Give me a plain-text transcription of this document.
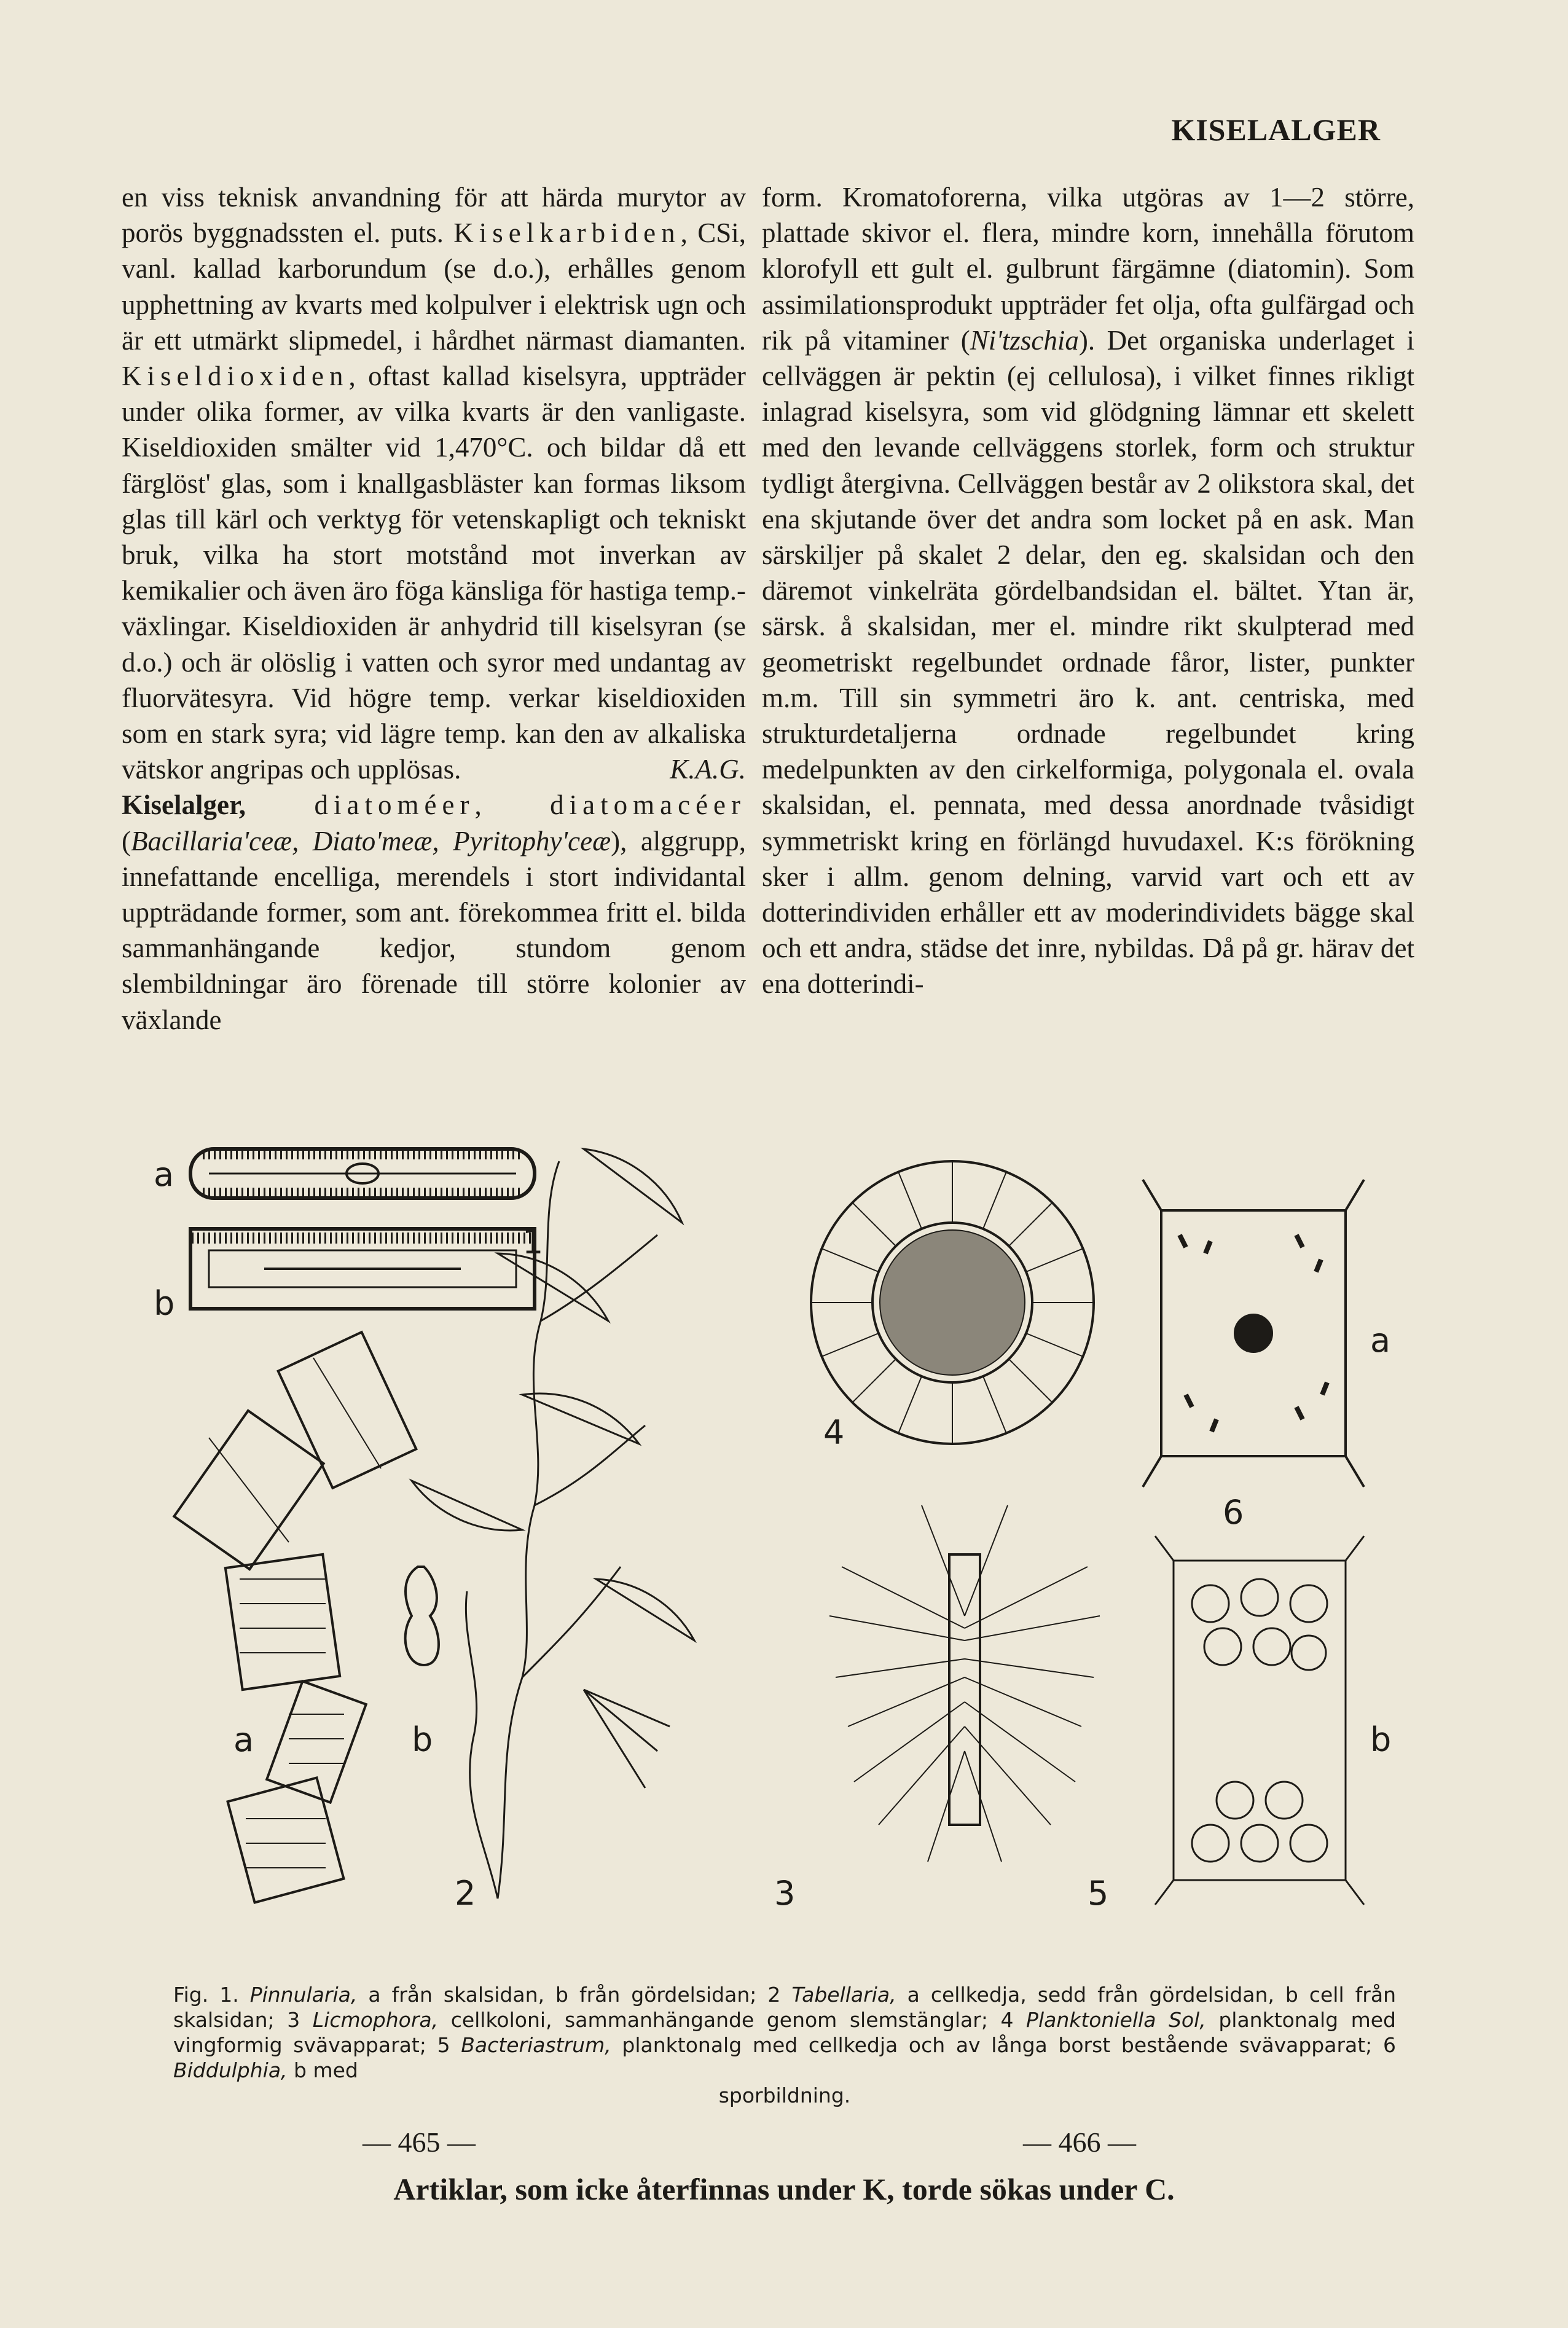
KISELALGER

en viss teknisk anvandning för att härda murytor av porös byggnadssten el. puts. Kiselkarbiden, CSi, vanl. kallad karborundum (se d.o.), erhålles genom upphettning av kvarts med kolpulver i elektrisk ugn och är ett utmärkt slipmedel, i hårdhet närmast diamanten. Kiseldioxiden, oftast kallad kiselsyra, uppträder under olika former, av vilka kvarts är den vanligaste. Kiseldioxiden smälter vid 1,470°C. och bildar då ett färglöst' glas, som i knallgasbläster kan formas liksom glas till kärl och verktyg för vetenskapligt och tekniskt bruk, vilka ha stort motstånd mot inverkan av kemikalier och även äro föga känsliga för hastiga temp.-växlingar. Kiseldioxiden är anhydrid till kiselsyran (se d.o.) och är olöslig i vatten och syror med undantag av fluorvätesyra. Vid högre temp. verkar kiseldioxiden som en stark syra; vid lägre temp. kan den av alkaliska vätskor angripas och upplösas.	K.A.G.

Kiselalger, diatoméer, diatomacéer (Bacillaria'ceæ, Diato'meæ, Pyritophy'ceæ), alggrupp, innefattande encelliga, merendels i stort individantal uppträdande former, som ant. förekommea fritt el. bilda sammanhängande kedjor, stundom genom slembildningar äro förenade till större kolonier av växlande

form. Kromatoforerna, vilka utgöras av 1—2 större, plattade skivor el. flera, mindre korn, innehålla förutom klorofyll ett gult el. gulbrunt färgämne (diatomin). Som assimilationsprodukt uppträder fet olja, ofta gulfärgad och rik på vitaminer (Ni'tzschia). Det organiska underlaget i cellväggen är pektin (ej cellulosa), i vilket finnes rikligt inlagrad kiselsyra, som vid glödgning lämnar ett skelett med den levande cellväggens storlek, form och struktur tydligt återgivna. Cellväggen består av 2 olikstora skal, det ena skjutande över det andra som locket på en ask. Man särskiljer på skalet 2 delar, den eg. skalsidan och den däremot vinkelräta gördelbandsidan el. bältet. Ytan är, särsk. å skalsidan, mer el. mindre rikt skulpterad med geometriskt regelbundet ordnade fåror, lister, punkter m.m. Till sin symmetri äro k. ant. centriska, med strukturdetaljerna ordnade regelbundet kring medelpunkten av den cirkelformiga, polygonala el. ovala skalsidan, el. pennata, med dessa anordnade tvåsidigt symmetriskt kring en förlängd huvudaxel. K:s förökning sker i allm. genom delning, varvid vart och ett av dotterindividen erhåller ett av moderindividets bägge skal och ett andra, städse det inre, nybildas. Då på gr. härav det ena dotterindi-

a
1
b
a	b
2	3
4
5
a
6
b
Fig. 1. Pinnularia, a från skalsidan, b från gördelsidan; 2 Tabellaria, a cellkedja, sedd från gördelsidan, b cell från skalsidan; 3 Licmophora, cellkoloni, sammanhängande genom slemstänglar; 4 Planktoniella Sol, planktonalg med vingformig svävapparat; 5 Bacteriastrum, planktonalg med cellkedja och av långa borst bestående svävapparat; 6 Biddulphia, b med
sporbildning.
— 465 —	— 466 —
Artiklar, som icke återfinnas under K, torde sökas under C.
